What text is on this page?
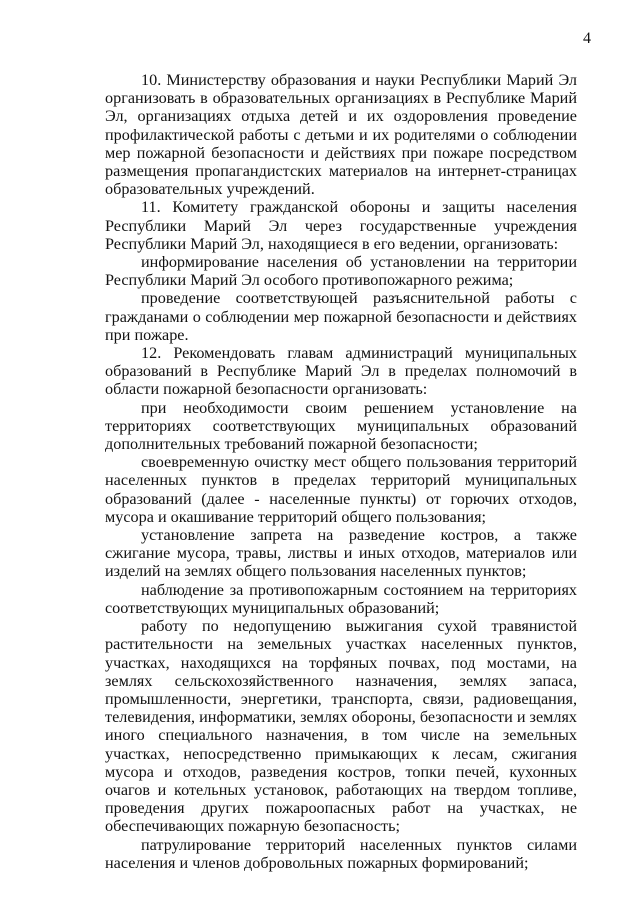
4

10. Министерству образования и науки Республики Марий Эл организовать в образовательных организациях в Республике Марий Эл, организациях отдыха детей и их оздоровления проведение профилактической работы с детьми и их родителями о соблюдении мер пожарной безопасности и действиях при пожаре посредством размещения пропагандистских материалов на интернет-страницах образовательных учреждений.

11. Комитету гражданской обороны и защиты населения Республики Марий Эл через государственные учреждения Республики Марий Эл, находящиеся в его ведении, организовать:

информирование населения об установлении на территории Республики Марий Эл особого противопожарного режима;

проведение соответствующей разъяснительной работы с гражданами о соблюдении мер пожарной безопасности и действиях при пожаре.

12. Рекомендовать главам администраций муниципальных образований в Республике Марий Эл в пределах полномочий в области пожарной безопасности организовать:

при необходимости своим решением установление на территориях соответствующих муниципальных образований дополнительных требований пожарной безопасности;

своевременную очистку мест общего пользования территорий населенных пунктов в пределах территорий муниципальных образований (далее - населенные пункты) от горючих отходов, мусора и окашивание территорий общего пользования;

установление запрета на разведение костров, а также сжигание мусора, травы, листвы и иных отходов, материалов или изделий на землях общего пользования населенных пунктов;

наблюдение за противопожарным состоянием на территориях соответствующих муниципальных образований;

работу по недопущению выжигания сухой травянистой растительности на земельных участках населенных пунктов, участках, находящихся на торфяных почвах, под мостами, на землях сельскохозяйственного назначения, землях запаса, промышленности, энергетики, транспорта, связи, радиовещания, телевидения, информатики, землях обороны, безопасности и землях иного специального назначения, в том числе на земельных участках, непосредственно примыкающих к лесам, сжигания мусора и отходов, разведения костров, топки печей, кухонных очагов и котельных установок, работающих на твердом топливе, проведения других пожароопасных работ на участках, не обеспечивающих пожарную безопасность;

патрулирование территорий населенных пунктов силами населения и членов добровольных пожарных формирований;
